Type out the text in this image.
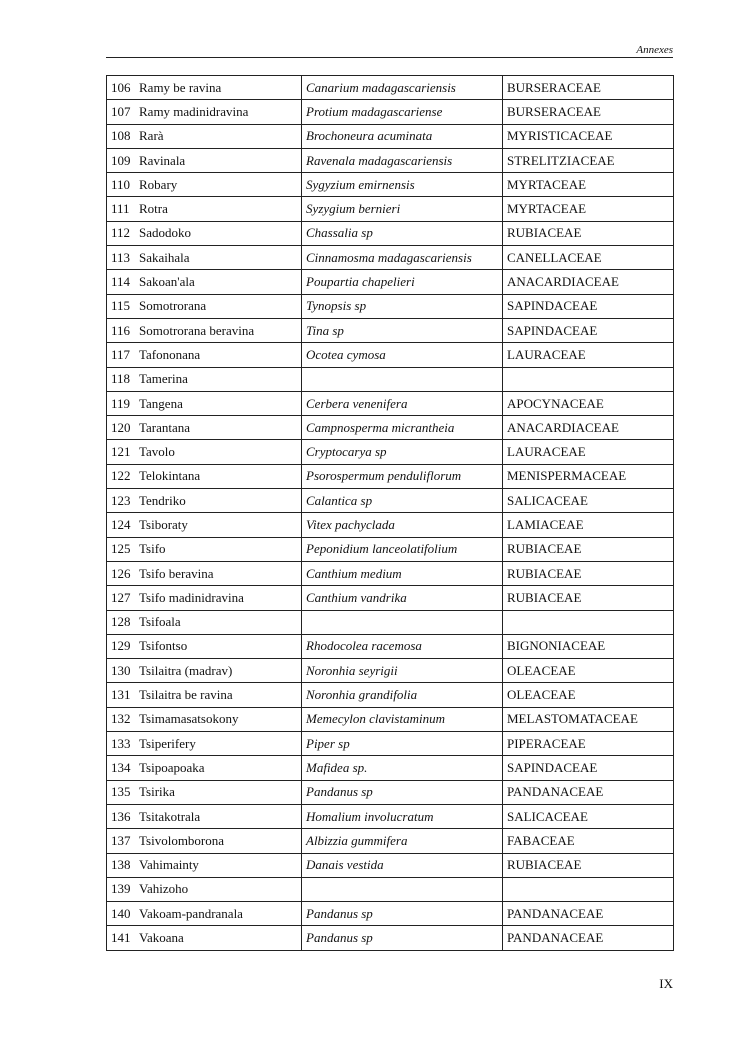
Annexes
106	Ramy be ravina	Canarium madagascariensis	BURSERACEAE
107	Ramy madinidravina	Protium madagascariense	BURSERACEAE
108	Rarà	Brochoneura acuminata	MYRISTICACEAE
109	Ravinala	Ravenala madagascariensis	STRELITZIACEAE
110	Robary	Sygyzium emirnensis	MYRTACEAE
111	Rotra	Syzygium bernieri	MYRTACEAE
112	Sadodoko	Chassalia sp	RUBIACEAE
113	Sakaihala	Cinnamosma madagascariensis	CANELLACEAE
114	Sakoan'ala	Poupartia chapelieri	ANACARDIACEAE
115	Somotrorana	Tynopsis sp	SAPINDACEAE
116	Somotrorana beravina	Tina sp	SAPINDACEAE
117	Tafononana	Ocotea cymosa	LAURACEAE
118	Tamerina		
119	Tangena	Cerbera venenifera	APOCYNACEAE
120	Tarantana	Campnosperma micrantheia	ANACARDIACEAE
121	Tavolo	Cryptocarya sp	LAURACEAE
122	Telokintana	Psorospermum penduliflorum	MENISPERMACEAE
123	Tendriko	Calantica sp	SALICACEAE
124	Tsiboraty	Vitex pachyclada	LAMIACEAE
125	Tsifo	Peponidium lanceolatifolium	RUBIACEAE
126	Tsifo beravina	Canthium medium	RUBIACEAE
127	Tsifo madinidravina	Canthium vandrika	RUBIACEAE
128	Tsifoala		
129	Tsifontso	Rhodocolea racemosa	BIGNONIACEAE
130	Tsilaitra (madrav)	Noronhia seyrigii	OLEACEAE
131	Tsilaitra be ravina	Noronhia grandifolia	OLEACEAE
132	Tsimamasatsokony	Memecylon clavistaminum	MELASTOMATACEAE
133	Tsiperifery	Piper sp	PIPERACEAE
134	Tsipoapoaka	Mafidea sp.	SAPINDACEAE
135	Tsirika	Pandanus sp	PANDANACEAE
136	Tsitakotrala	Homalium involucratum	SALICACEAE
137	Tsivolomborona	Albizzia gummifera	FABACEAE
138	Vahimainty	Danais vestida	RUBIACEAE
139	Vahizoho		
140	Vakoam-pandranala	Pandanus sp	PANDANACEAE
141	Vakoana	Pandanus sp	PANDANACEAE
IX
